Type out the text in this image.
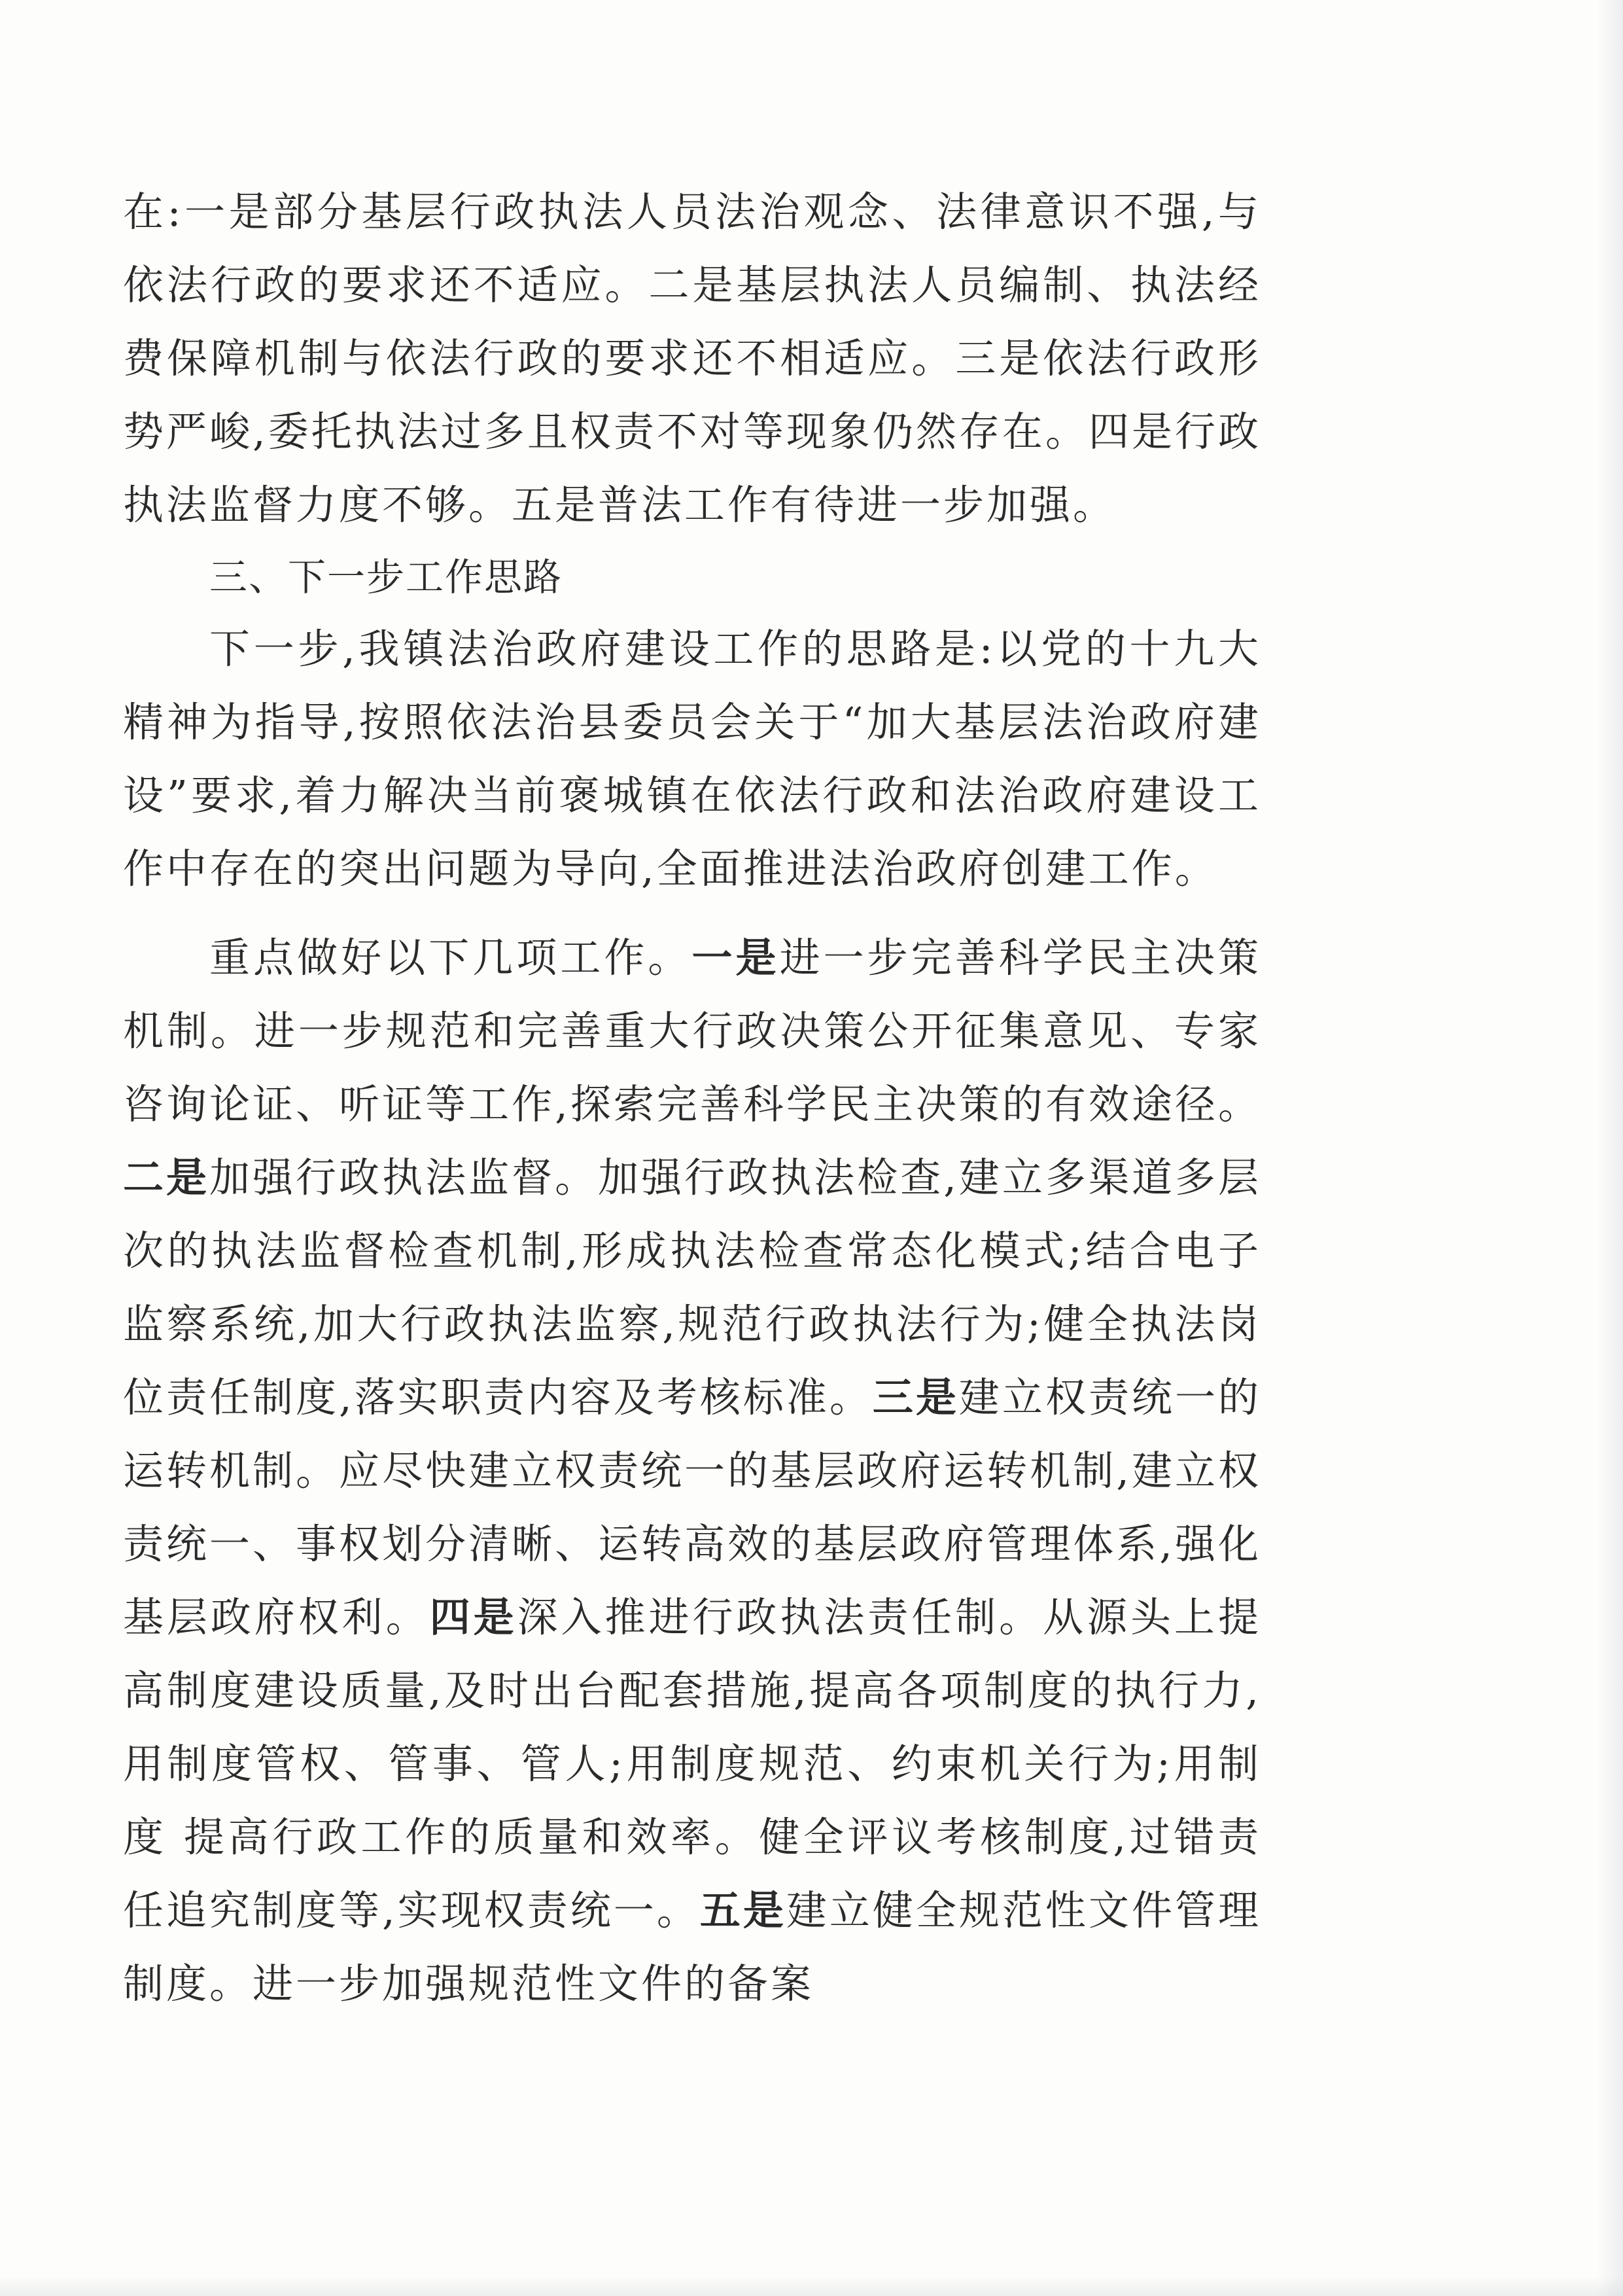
在:一是部分基层行政执法人员法治观念、法律意识不强,与依法行政的要求还不适应。二是基层执法人员编制、执法经费保障机制与依法行政的要求还不相适应。三是依法行政形势严峻,委托执法过多且权责不对等现象仍然存在。四是行政执法监督力度不够。五是普法工作有待进一步加强。

三、下一步工作思路

下一步,我镇法治政府建设工作的思路是:以党的十九大精神为指导,按照依法治县委员会关于“加大基层法治政府建设”要求,着力解决当前褒城镇在依法行政和法治政府建设工作中存在的突出问题为导向,全面推进法治政府创建工作。

重点做好以下几项工作。一是进一步完善科学民主决策机制。进一步规范和完善重大行政决策公开征集意见、专家咨询论证、听证等工作,探索完善科学民主决策的有效途径。二是加强行政执法监督。加强行政执法检查,建立多渠道多层次的执法监督检查机制,形成执法检查常态化模式;结合电子监察系统,加大行政执法监察,规范行政执法行为;健全执法岗位责任制度,落实职责内容及考核标准。三是建立权责统一的运转机制。应尽快建立权责统一的基层政府运转机制,建立权责统一、事权划分清晰、运转高效的基层政府管理体系,强化基层政府权利。四是深入推进行政执法责任制。从源头上提高制度建设质量,及时出台配套措施,提高各项制度的执行力,用制度管权、管事、管人;用制度规范、约束机关行为;用制度 提高行政工作的质量和效率。健全评议考核制度,过错责任追究制度等,实现权责统一。五是建立健全规范性文件管理制度。进一步加强规范性文件的备案
